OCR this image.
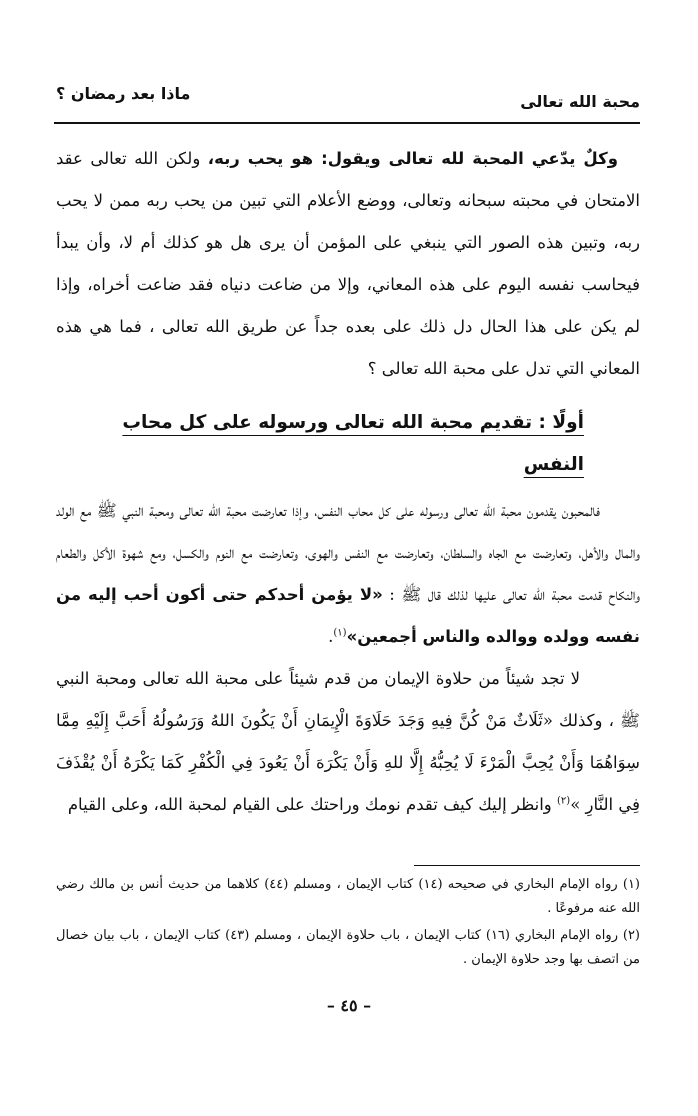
محبة الله تعالى
ماذا بعد رمضان ؟

وكلٌ يدّعي المحبة لله تعالى ويقول: هو يحب ربه، ولكن الله تعالى عقد الامتحان في محبته سبحانه وتعالى، ووضع الأعلام التي تبين من يحب ربه ممن لا يحب ربه، وتبين هذه الصور التي ينبغي على المؤمن أن يرى هل هو كذلك أم لا، وأن يبدأ فيحاسب نفسه اليوم على هذه المعاني، وإلا من ضاعت دنياه فقد ضاعت أخراه، وإذا لم يكن على هذا الحال دل ذلك على بعده جداً عن طريق الله تعالى ، فما هي هذه المعاني التي تدل على محبة الله تعالى ؟

أولًا : تقديم محبة الله تعالى ورسوله على كل محاب النفس

فالمحبون يقدمون محبة الله تعالى ورسوله على كل محاب النفس، وإذا تعارضت محبة الله تعالى ومحبة النبي ﷺ مع الولد والمال والأهل، وتعارضت مع الجاه والسلطان، وتعارضت مع النفس والهوى، وتعارضت مع النوم والكسل، ومع شهوة الأكل والطعام والنكاح قدمت محبة الله تعالى عليها لذلك قال ﷺ : «لا يؤمن أحدكم حتى أكون أحب إليه من نفسه وولده ووالده والناس أجمعين»$^{(١)}$.

لا تجد شيئاً من حلاوة الإيمان من قدم شيئاً على محبة الله تعالى ومحبة النبي ﷺ ، وكذلك «ثَلَاثٌ مَنْ كُنَّ فِيهِ وَجَدَ حَلَاوَةَ الْإِيمَانِ أَنْ يَكُونَ اللهُ وَرَسُولُهُ أَحَبَّ إِلَيْهِ مِمَّا سِوَاهُمَا وَأَنْ يُحِبَّ الْمَرْءَ لَا يُحِبُّهُ إِلَّا للهِ وَأَنْ يَكْرَهَ أَنْ يَعُودَ فِي الْكُفْرِ كَمَا يَكْرَهُ أَنْ يُقْذَفَ فِي النَّارِ »$^{(٢)}$ وانظر إليك كيف تقدم نومك وراحتك على القيام لمحبة الله، وعلى القيام

(١) رواه الإمام البخاري في صحيحه (١٤) كتاب الإيمان ، ومسلم (٤٤) كلاهما من حديث أنس بن مالك رضي الله عنه مرفوعًا .

(٢) رواه الإمام البخاري (١٦) كتاب الإيمان ، باب حلاوة الإيمان ، ومسلم (٤٣) كتاب الإيمان ، باب بيان خصال من اتصف بها وجد حلاوة الإيمان .

– ٤٥ –
